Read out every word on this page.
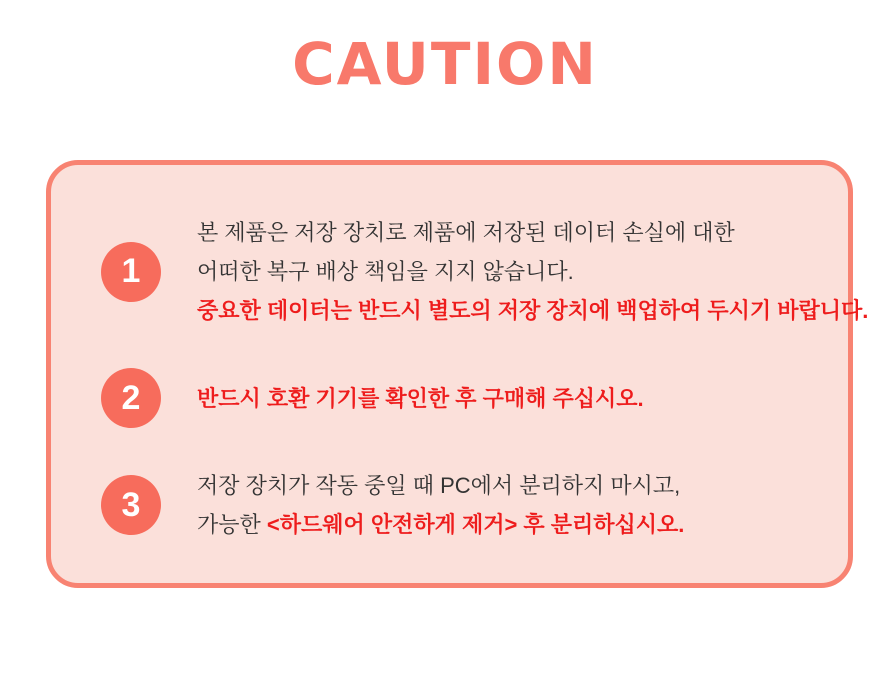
CAUTION
1

본 제품은 저장 장치로 제품에 저장된 데이터 손실에 대한

어떠한 복구 배상 책임을 지지 않습니다.

중요한 데이터는 반드시 별도의 저장 장치에 백업하여 두시기 바랍니다.

2	반드시 호환 기기를 확인한 후 구매해 주십시오.

3	저장 장치가 작동 중일 때 PC에서 분리하지 마시고,

가능한 <하드웨어 안전하게 제거> 후 분리하십시오.
